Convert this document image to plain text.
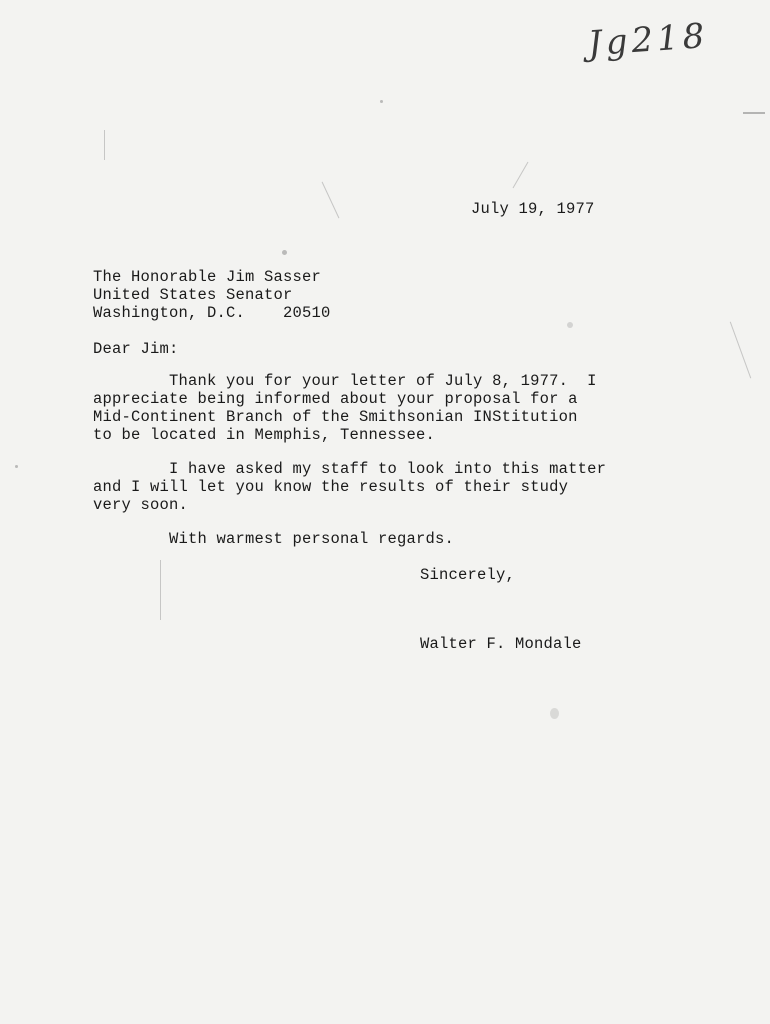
Jg218
July 19, 1977
The Honorable Jim Sasser
United States Senator
Washington, D.C.    20510
Dear Jim:
Thank you for your letter of July 8, 1977.  I
appreciate being informed about your proposal for a
Mid-Continent Branch of the Smithsonian INStitution
to be located in Memphis, Tennessee.
I have asked my staff to look into this matter
and I will let you know the results of their study
very soon.
With warmest personal regards.
Sincerely,
Walter F. Mondale
